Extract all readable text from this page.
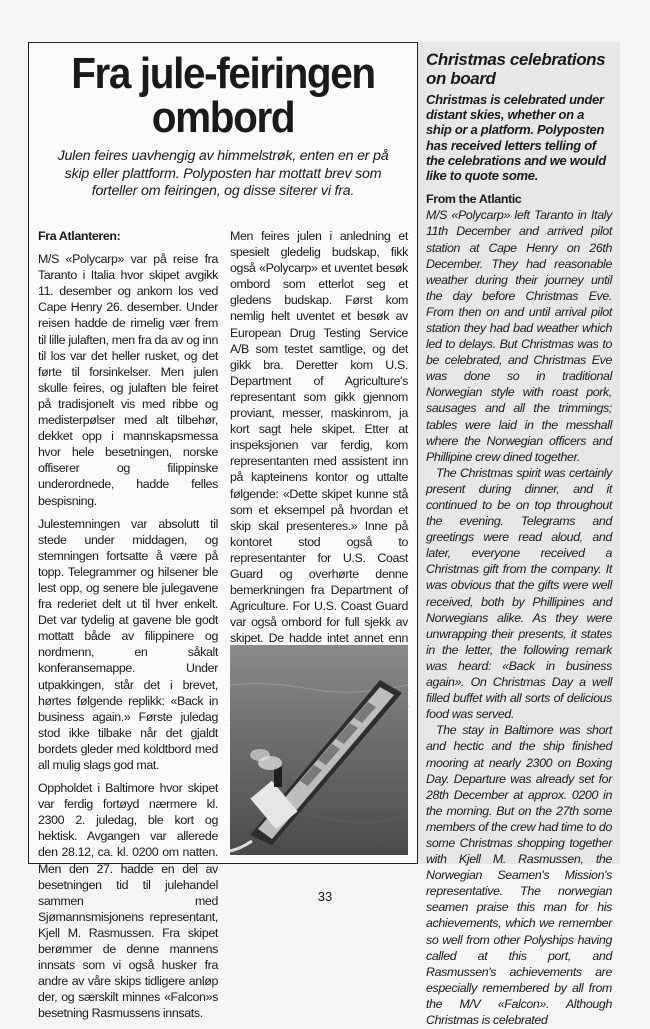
Fra jule-feiringen ombord

Julen feires uavhengig av himmelstrøk, enten en er på skip eller plattform. Polyposten har mottatt brev som forteller om feiringen, og disse siterer vi fra.

Fra Atlanteren:

M/S «Polycarp» var på reise fra Taranto i Italia hvor skipet avgikk 11. desember og ankom los ved Cape Henry 26. desember. Under reisen hadde de rimelig vær frem til lille julaften, men fra da av og inn til los var det heller rusket, og det førte til forsinkelser. Men julen skulle feires, og julaften ble feiret på tradisjonelt vis med ribbe og medisterpølser med alt tilbehør, dekket opp i mannskapsmessa hvor hele besetningen, norske offiserer og filippinske underordnede, hadde felles bespisning.

Julestemningen var absolutt til stede under middagen, og stemningen fortsatte å være på topp. Telegrammer og hilsener ble lest opp, og senere ble julegavene fra rederiet delt ut til hver enkelt. Det var tydelig at gavene ble godt mottatt både av filippinere og nordmenn, en såkalt konferansemappe. Under utpakkingen, står det i brevet, hørtes følgende replikk: «Back in business again.» Første juledag stod ikke tilbake når det gjaldt bordets gleder med koldtbord med all mulig slags god mat.

Oppholdet i Baltimore hvor skipet var ferdig fortøyd nærmere kl. 2300 2. juledag, ble kort og hektisk. Avgangen var allerede den 28.12, ca. kl. 0200 om natten. Men den 27. hadde en del av besetningen tid til julehandel sammen med Sjømannsmisjonens representant, Kjell M. Rasmussen. Fra skipet berømmer de denne mannens innsats som vi også husker fra andre av våre skips tidligere anløp der, og særskilt minnes «Falcon»s besetning Rasmussens innsats.

Men feires julen i anledning et spesielt gledelig budskap, fikk også «Polycarp» et uventet besøk ombord som etterlot seg et gledens budskap. Først kom nemlig helt uventet et besøk av European Drug Testing Service A/B som testet samtlige, og det gikk bra. Deretter kom U.S. Department of Agriculture's representant som gikk gjennom proviant, messer, maskinrom, ja kort sagt hele skipet. Etter at inspeksjonen var ferdig, kom representanten med assistent inn på kapteinens kontor og uttalte følgende: «Dette skipet kunne stå som et eksempel på hvordan et skip skal presenteres.» Inne på kontoret stod også to representanter for U.S. Coast Guard og overhørte denne bemerkningen fra Department of Agriculture. For U.S. Coast Guard var også ombord for full sjekk av skipet. De hadde intet annet enn

Christmas celebrations on board

Christmas is celebrated under distant skies, whether on a ship or a platform. Polyposten has received letters telling of the celebrations and we would like to quote some.

From the Atlantic

M/S «Polycarp» left Taranto in Italy 11th December and arrived pilot station at Cape Henry on 26th December. They had reasonable weather during their journey until the day before Christmas Eve. From then on and until arrival pilot station they had bad weather which led to delays. But Christmas was to be celebrated, and Christmas Eve was done so in traditional Norwegian style with roast pork, sausages and all the trimmings; tables were laid in the messhall where the Norwegian officers and Phillipine crew dined together.

The Christmas spirit was certainly present during dinner, and it continued to be on top throughout the evening. Telegrams and greetings were read aloud, and later, everyone received a Christmas gift from the company. It was obvious that the gifts were well received, both by Phillipines and Norwegians alike. As they were unwrapping their presents, it states in the letter, the following remark was heard: «Back in business again». On Christmas Day a well filled buffet with all sorts of delicious food was served.

The stay in Baltimore was short and hectic and the ship finished mooring at nearly 2300 on Boxing Day. Departure was already set for 28th December at approx. 0200 in the morning. But on the 27th some members of the crew had time to do some Christmas shopping together with Kjell M. Rasmussen, the Norwegian Seamen's Mission's representative. The norwegian seamen praise this man for his achievements, which we remember so well from other Polyships having called at this port, and Rasmussen's achievements are especially remembered by all from the M/V «Falcon». Although Christmas is celebrated

33
